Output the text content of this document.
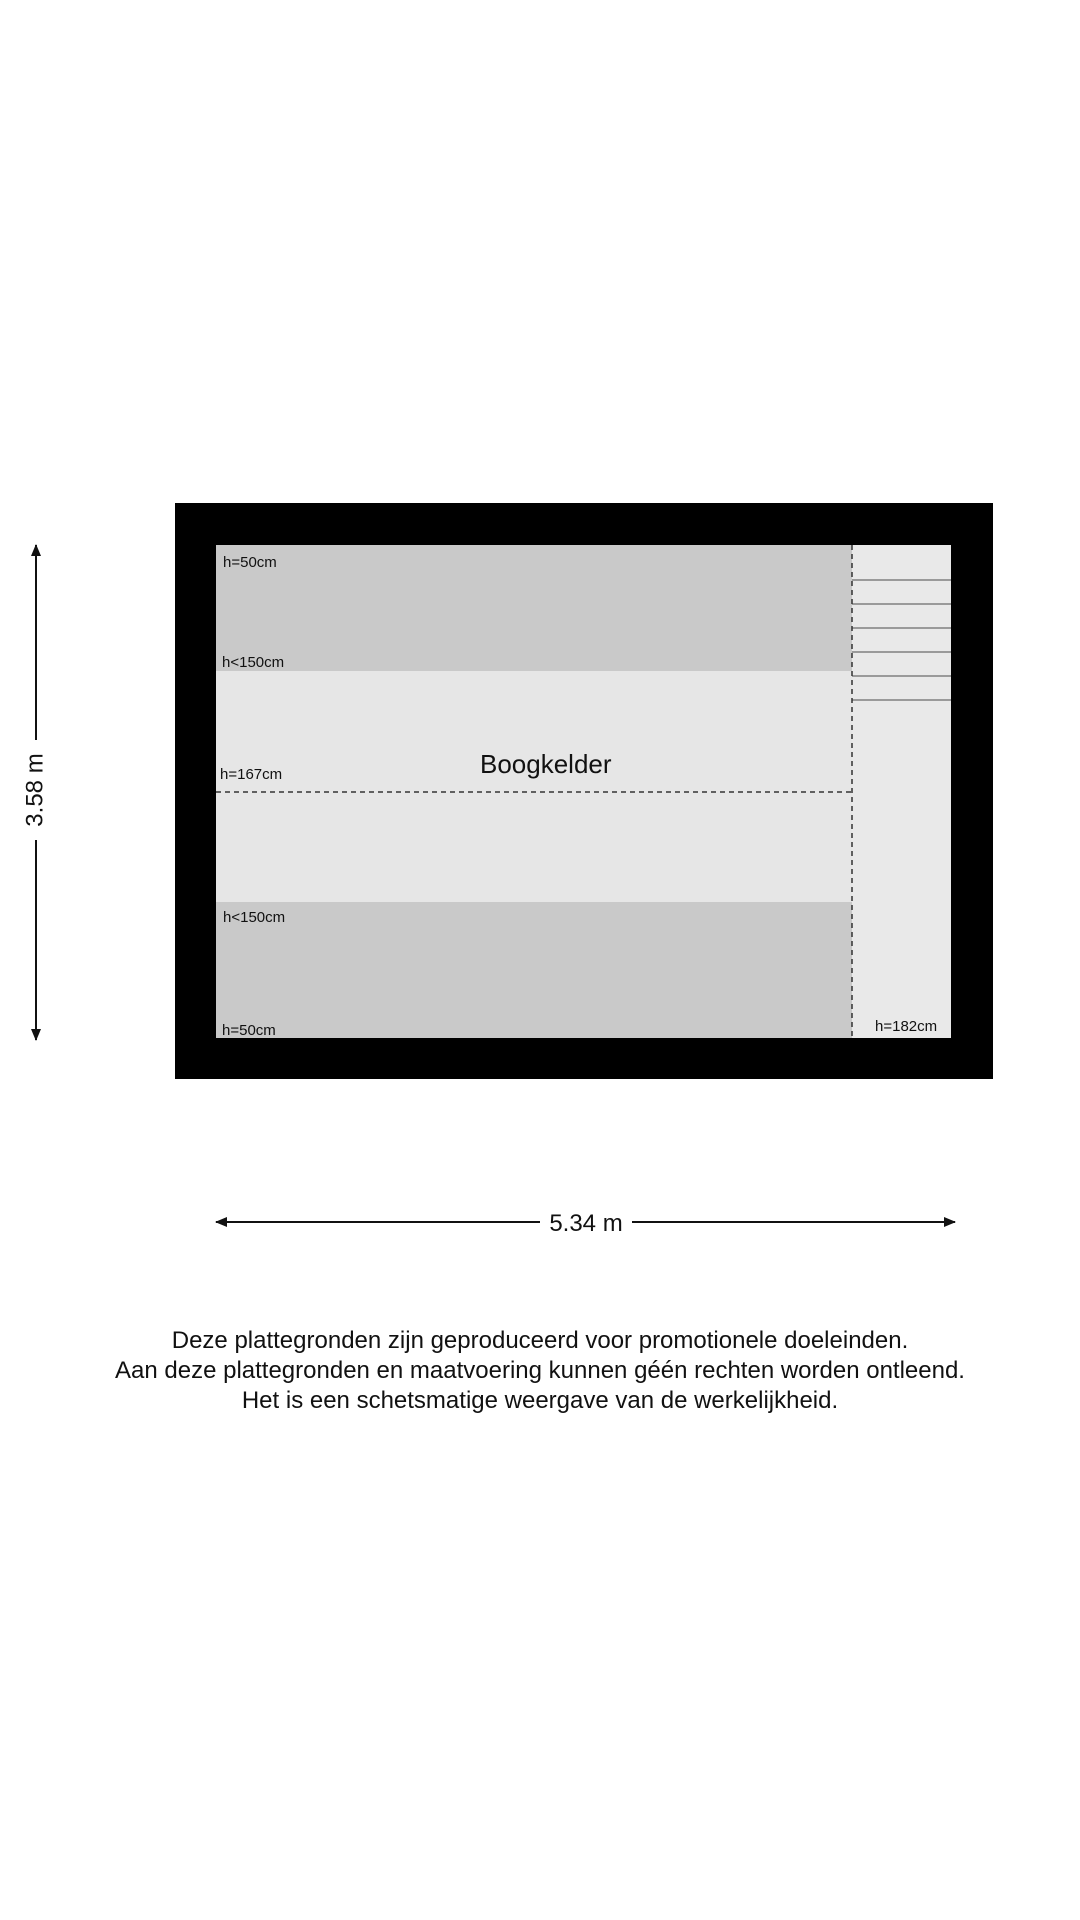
Boogkelder
h=50cm
h<150cm
h=167cm
h<150cm
h=50cm	h=182cm
5.34 m
3.58 m
Deze plattegronden zijn geproduceerd voor promotionele doeleinden.
Aan deze plattegronden en maatvoering kunnen géén rechten worden ontleend.
Het is een schetsmatige weergave van de werkelijkheid.
